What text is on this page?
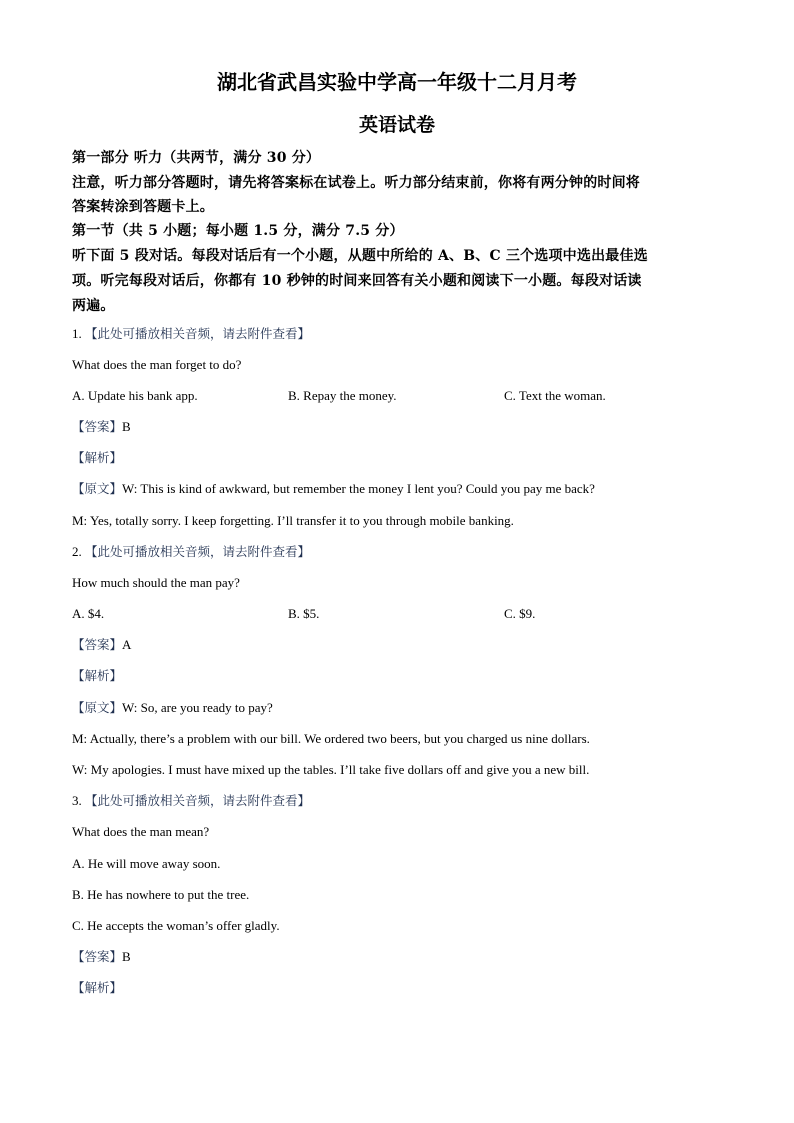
湖北省武昌实验中学高一年级十二月月考
英语试卷
第一部分 听力（共两节，满分 30 分）
注意，听力部分答题时，请先将答案标在试卷上。听力部分结束前，你将有两分钟的时间将
答案转涂到答题卡上。
第一节（共 5 小题；每小题 1.5 分，满分 7.5 分）
听下面 5 段对话。每段对话后有一个小题，从题中所给的 A、B、C 三个选项中选出最佳选
项。听完每段对话后，你都有 10 秒钟的时间来回答有关小题和阅读下一小题。每段对话读
两遍。
1. 【此处可播放相关音频，请去附件查看】
What does the man forget to do?
A. Update his bank app.	B. Repay the money.	C. Text the woman.
【答案】B
【解析】
【原文】W: This is kind of awkward, but remember the money I lent you? Could you pay me back?
M: Yes, totally sorry. I keep forgetting. I’ll transfer it to you through mobile banking.
2. 【此处可播放相关音频，请去附件查看】
How much should the man pay?
A. $4.	B. $5.	C. $9.
【答案】A
【解析】
【原文】W: So, are you ready to pay?
M: Actually, there’s a problem with our bill. We ordered two beers, but you charged us nine dollars.
W: My apologies. I must have mixed up the tables. I’ll take five dollars off and give you a new bill.
3. 【此处可播放相关音频，请去附件查看】
What does the man mean?
A. He will move away soon.
B. He has nowhere to put the tree.
C. He accepts the woman’s offer gladly.
【答案】B
【解析】
